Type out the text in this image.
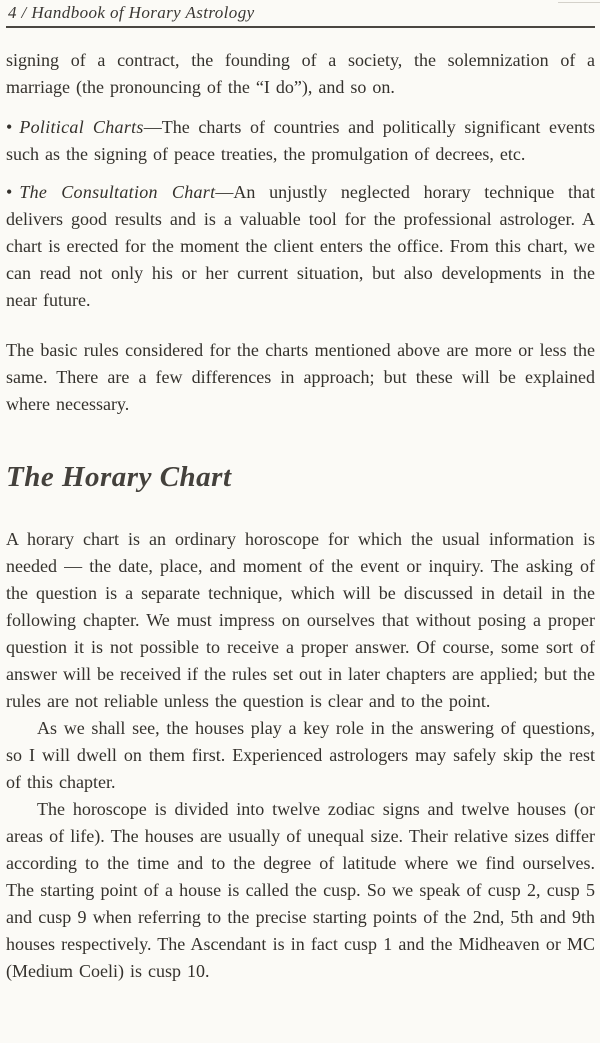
4 / Handbook of Horary Astrology

signing of a contract, the founding of a society, the solemnization of a marriage (the pronouncing of the “I do”), and so on.

• Political Charts—The charts of countries and politically significant events such as the signing of peace treaties, the promulgation of decrees, etc.

• The Consultation Chart—An unjustly neglected horary technique that delivers good results and is a valuable tool for the professional astrologer. A chart is erected for the moment the client enters the office. From this chart, we can read not only his or her current situation, but also developments in the near future.

The basic rules considered for the charts mentioned above are more or less the same. There are a few differences in approach; but these will be explained where necessary.

The Horary Chart

A horary chart is an ordinary horoscope for which the usual information is needed — the date, place, and moment of the event or inquiry. The asking of the question is a separate technique, which will be discussed in detail in the following chapter. We must impress on ourselves that without posing a proper question it is not possible to receive a proper answer. Of course, some sort of answer will be received if the rules set out in later chapters are applied; but the rules are not reliable unless the question is clear and to the point.

As we shall see, the houses play a key role in the answering of questions, so I will dwell on them first. Experienced astrologers may safely skip the rest of this chapter.

The horoscope is divided into twelve zodiac signs and twelve houses (or areas of life). The houses are usually of unequal size. Their relative sizes differ according to the time and to the degree of latitude where we find ourselves. The starting point of a house is called the cusp. So we speak of cusp 2, cusp 5 and cusp 9 when referring to the precise starting points of the 2nd, 5th and 9th houses respectively. The Ascendant is in fact cusp 1 and the Midheaven or MC (Medium Coeli) is cusp 10.
